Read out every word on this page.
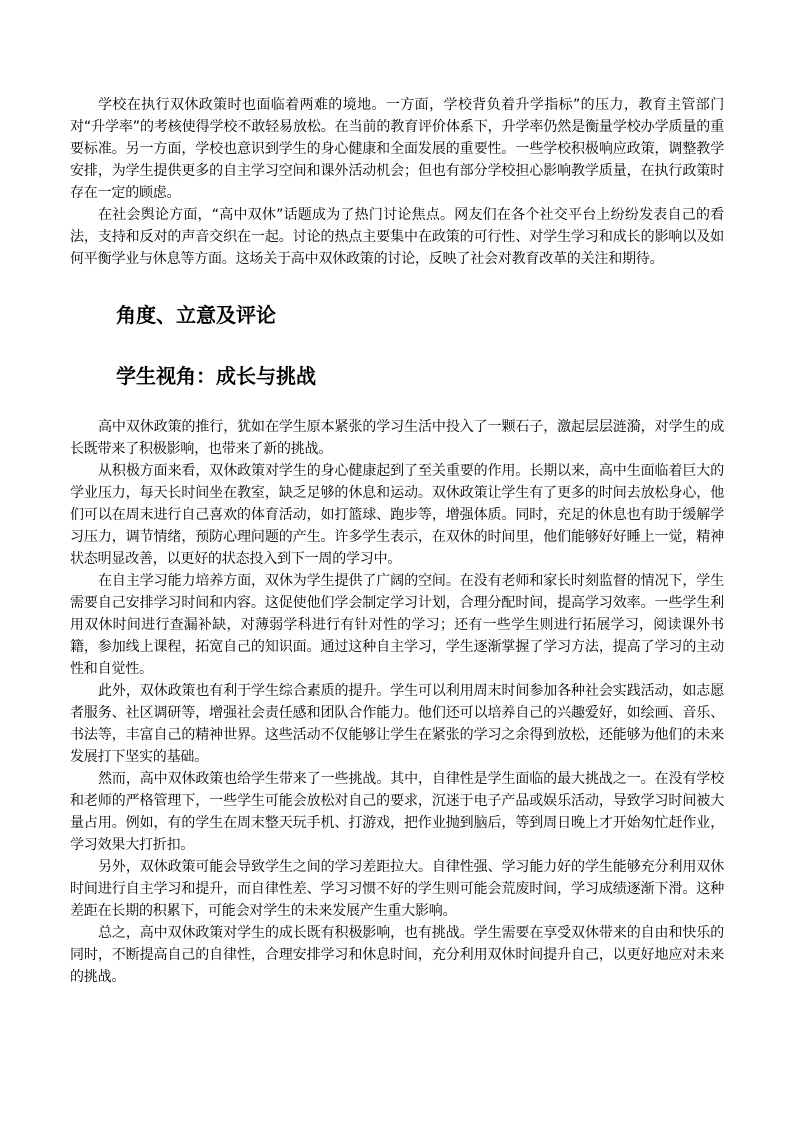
学校在执行双休政策时也面临着两难的境地。一方面，学校背负着升学指标”的压力，教育主管部门对“升学率”的考核使得学校不敢轻易放松。在当前的教育评价体系下，升学率仍然是衡量学校办学质量的重要标准。另一方面，学校也意识到学生的身心健康和全面发展的重要性。一些学校积极响应政策，调整教学安排，为学生提供更多的自主学习空间和课外活动机会；但也有部分学校担心影响教学质量，在执行政策时存在一定的顾虑。

在社会舆论方面，“高中双休”话题成为了热门讨论焦点。网友们在各个社交平台上纷纷发表自己的看法，支持和反对的声音交织在一起。讨论的热点主要集中在政策的可行性、对学生学习和成长的影响以及如何平衡学业与休息等方面。这场关于高中双休政策的讨论，反映了社会对教育改革的关注和期待。

角度、立意及评论
学生视角：成长与挑战

高中双休政策的推行，犹如在学生原本紧张的学习生活中投入了一颗石子，激起层层涟漪，对学生的成长既带来了积极影响，也带来了新的挑战。

从积极方面来看，双休政策对学生的身心健康起到了至关重要的作用。长期以来，高中生面临着巨大的学业压力，每天长时间坐在教室，缺乏足够的休息和运动。双休政策让学生有了更多的时间去放松身心，他们可以在周末进行自己喜欢的体育活动，如打篮球、跑步等，增强体质。同时，充足的休息也有助于缓解学习压力，调节情绪，预防心理问题的产生。许多学生表示，在双休的时间里，他们能够好好睡上一觉，精神状态明显改善，以更好的状态投入到下一周的学习中。

在自主学习能力培养方面，双休为学生提供了广阔的空间。在没有老师和家长时刻监督的情况下，学生需要自己安排学习时间和内容。这促使他们学会制定学习计划，合理分配时间，提高学习效率。一些学生利用双休时间进行查漏补缺，对薄弱学科进行有针对性的学习；还有一些学生则进行拓展学习，阅读课外书籍，参加线上课程，拓宽自己的知识面。通过这种自主学习，学生逐渐掌握了学习方法，提高了学习的主动性和自觉性。

此外，双休政策也有利于学生综合素质的提升。学生可以利用周末时间参加各种社会实践活动，如志愿者服务、社区调研等，增强社会责任感和团队合作能力。他们还可以培养自己的兴趣爱好，如绘画、音乐、书法等，丰富自己的精神世界。这些活动不仅能够让学生在紧张的学习之余得到放松，还能够为他们的未来发展打下坚实的基础。

然而，高中双休政策也给学生带来了一些挑战。其中，自律性是学生面临的最大挑战之一。在没有学校和老师的严格管理下，一些学生可能会放松对自己的要求，沉迷于电子产品或娱乐活动，导致学习时间被大量占用。例如，有的学生在周末整天玩手机、打游戏，把作业抛到脑后，等到周日晚上才开始匆忙赶作业，学习效果大打折扣。

另外，双休政策可能会导致学生之间的学习差距拉大。自律性强、学习能力好的学生能够充分利用双休时间进行自主学习和提升，而自律性差、学习习惯不好的学生则可能会荒废时间，学习成绩逐渐下滑。这种差距在长期的积累下，可能会对学生的未来发展产生重大影响。

总之，高中双休政策对学生的成长既有积极影响，也有挑战。学生需要在享受双休带来的自由和快乐的同时，不断提高自己的自律性，合理安排学习和休息时间，充分利用双休时间提升自己，以更好地应对未来的挑战。
